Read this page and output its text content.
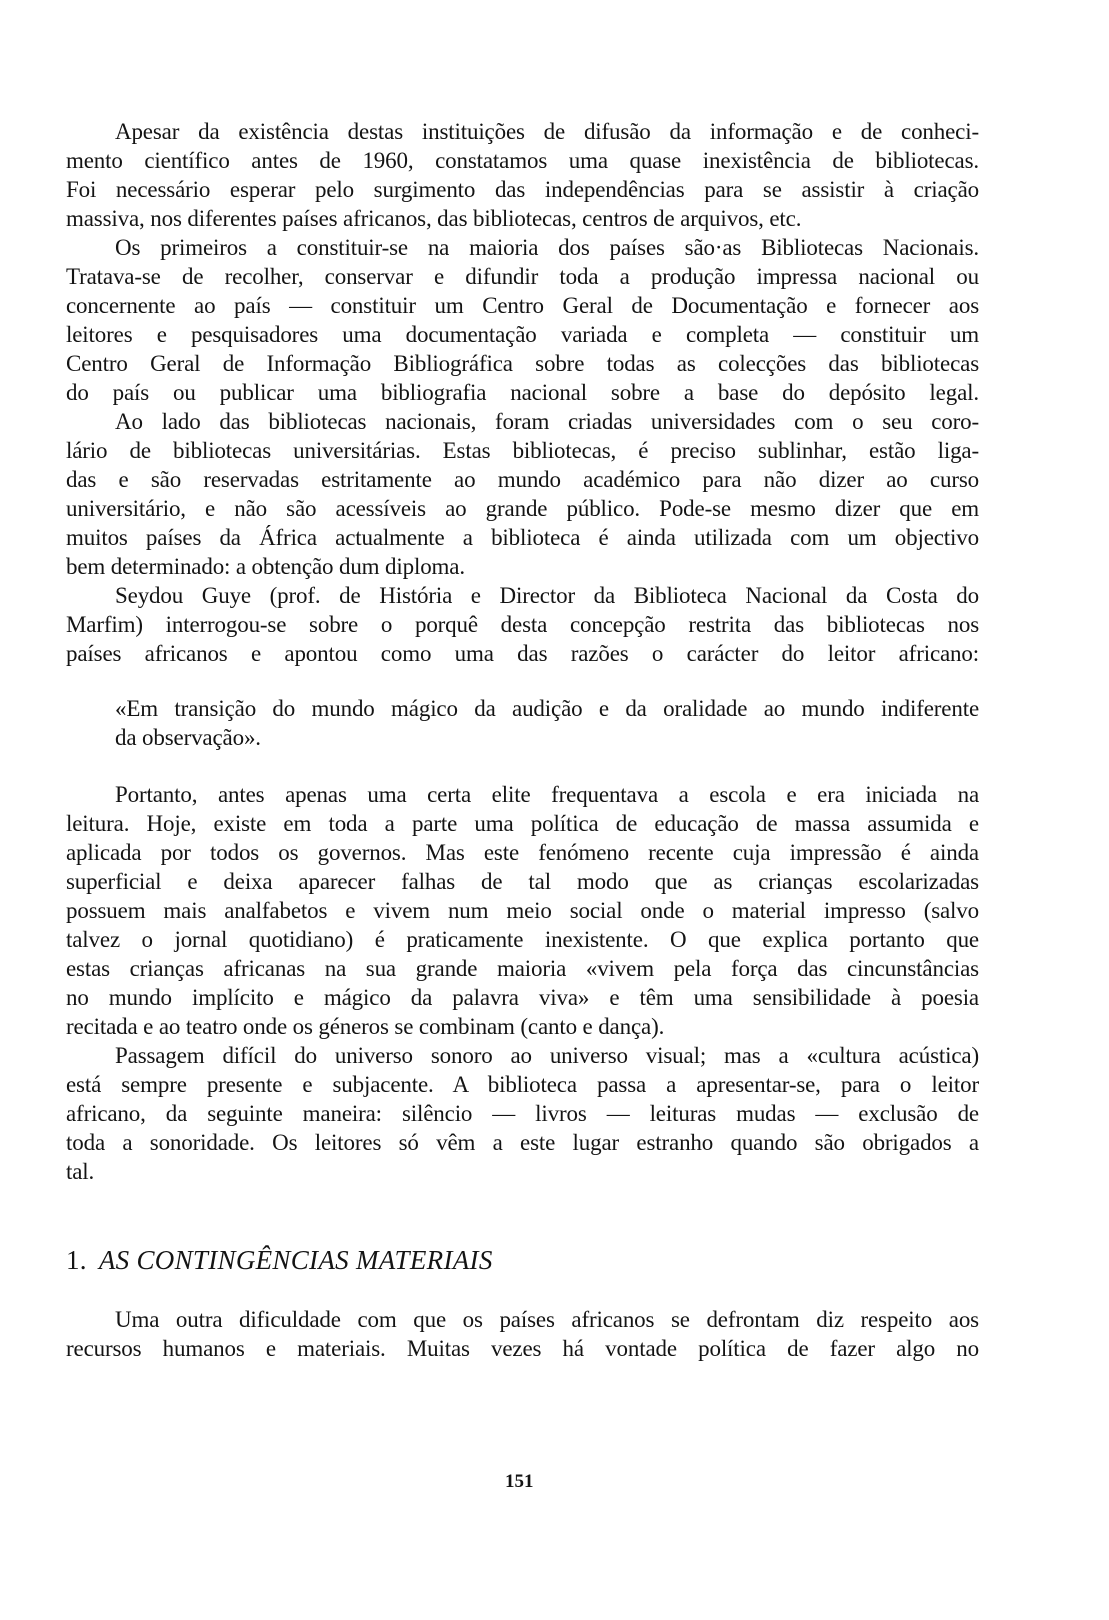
Apesar da existência destas instituições de difusão da informação e de conheci-
mento científico antes de 1960, constatamos uma quase inexistência de bibliotecas.
Foi necessário esperar pelo surgimento das independências para se assistir à criação
massiva, nos diferentes países africanos, das bibliotecas, centros de arquivos, etc.
Os primeiros a constituir-se na maioria dos países são·as Bibliotecas Nacionais.
Tratava-se de recolher, conservar e difundir toda a produção impressa nacional ou
concernente ao país — constituir um Centro Geral de Documentação e fornecer aos
leitores e pesquisadores uma documentação variada e completa — constituir um
Centro Geral de Informação Bibliográfica sobre todas as colecções das bibliotecas
do país ou publicar uma bibliografia nacional sobre a base do depósito legal.
Ao lado das bibliotecas nacionais, foram criadas universidades com o seu coro-
lário de bibliotecas universitárias. Estas bibliotecas, é preciso sublinhar, estão liga-
das e são reservadas estritamente ao mundo académico para não dizer ao curso
universitário, e não são acessíveis ao grande público. Pode-se mesmo dizer que em
muitos países da África actualmente a biblioteca é ainda utilizada com um objectivo
bem determinado: a obtenção dum diploma.
Seydou Guye (prof. de História e Director da Biblioteca Nacional da Costa do
Marfim) interrogou-se sobre o porquê desta concepção restrita das bibliotecas nos
países africanos e apontou como uma das razões o carácter do leitor africano:
«Em transição do mundo mágico da audição e da oralidade ao mundo indiferente
da observação».
Portanto, antes apenas uma certa elite frequentava a escola e era iniciada na
leitura. Hoje, existe em toda a parte uma política de educação de massa assumida e
aplicada por todos os governos. Mas este fenómeno recente cuja impressão é ainda
superficial e deixa aparecer falhas de tal modo que as crianças escolarizadas
possuem mais analfabetos e vivem num meio social onde o material impresso (salvo
talvez o jornal quotidiano) é praticamente inexistente. O que explica portanto que
estas crianças africanas na sua grande maioria «vivem pela força das cincunstâncias
no mundo implícito e mágico da palavra viva» e têm uma sensibilidade à poesia
recitada e ao teatro onde os géneros se combinam (canto e dança).
Passagem difícil do universo sonoro ao universo visual; mas a «cultura acústica)
está sempre presente e subjacente. A biblioteca passa a apresentar-se, para o leitor
africano, da seguinte maneira: silêncio — livros — leituras mudas — exclusão de
toda a sonoridade. Os leitores só vêm a este lugar estranho quando são obrigados a
tal.
1. AS CONTINGÊNCIAS MATERIAIS
Uma outra dificuldade com que os países africanos se defrontam diz respeito aos
recursos humanos e materiais. Muitas vezes há vontade política de fazer algo no
151
